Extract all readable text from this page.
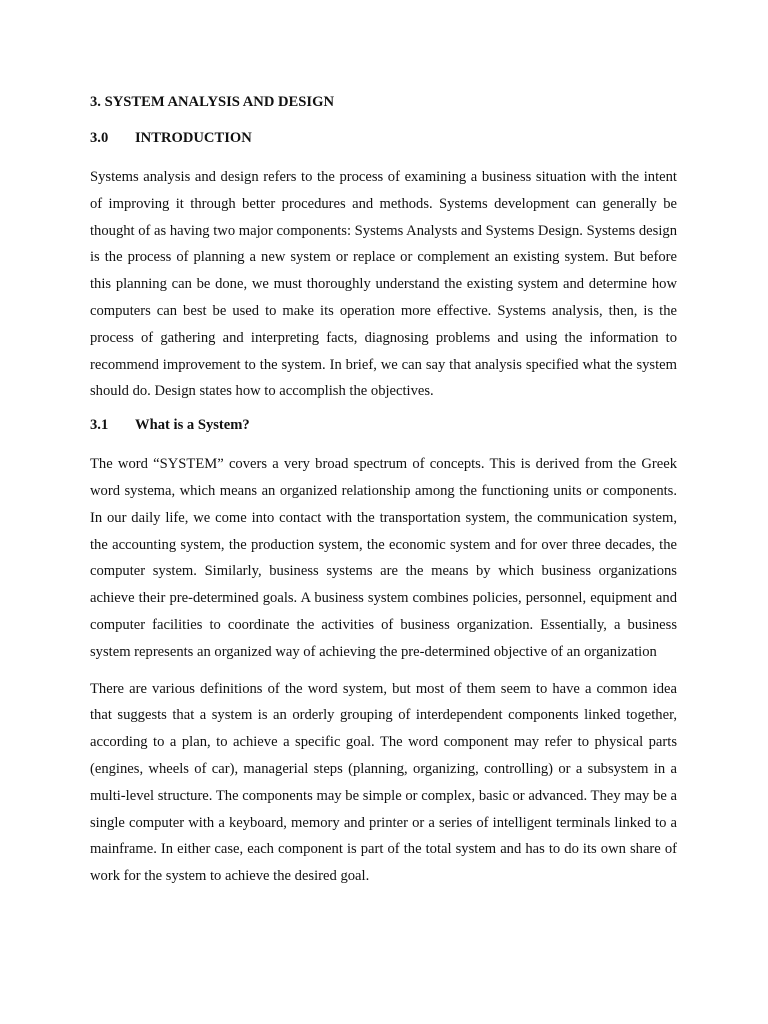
3. SYSTEM ANALYSIS AND DESIGN
3.0	INTRODUCTION

Systems analysis and design refers to the process of examining a business situation with the intent of improving it through better procedures and methods. Systems development can generally be thought of as having two major components: Systems Analysts and Systems Design. Systems design is the process of planning a new system or replace or complement an existing system. But before this planning can be done, we must thoroughly understand the existing system and determine how computers can best be used to make its operation more effective. Systems analysis, then, is the process of gathering and interpreting facts, diagnosing problems and using the information to recommend improvement to the system. In brief, we can say that analysis specified what the system should do. Design states how to accomplish the objectives.

3.1	What is a System?

The word “SYSTEM” covers a very broad spectrum of concepts. This is derived from the Greek word systema, which means an organized relationship among the functioning units or components. In our daily life, we come into contact with the transportation system, the communication system, the accounting system, the production system, the economic system and for over three decades, the computer system. Similarly, business systems are the means by which business organizations achieve their pre-determined goals. A business system combines policies, personnel, equipment and computer facilities to coordinate the activities of business organization. Essentially, a business system represents an organized way of achieving the pre-determined objective of an organization

There are various definitions of the word system, but most of them seem to have a common idea that suggests that a system is an orderly grouping of interdependent components linked together, according to a plan, to achieve a specific goal. The word component may refer to physical parts (engines, wheels of car), managerial steps (planning, organizing, controlling) or a subsystem in a multi-level structure. The components may be simple or complex, basic or advanced. They may be a single computer with a keyboard, memory and printer or a series of intelligent terminals linked to a mainframe. In either case, each component is part of the total system and has to do its own share of work for the system to achieve the desired goal.
